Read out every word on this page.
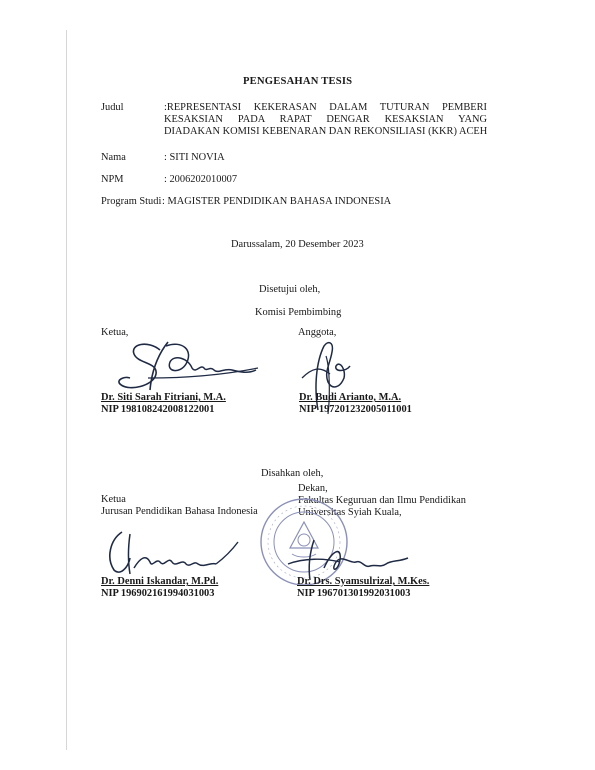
PENGESAHAN TESIS
Judul	:REPRESENTASI KEKERASAN DALAM TUTURAN PEMBERI
KESAKSIAN PADA RAPAT DENGAR KESAKSIAN YANG
DIADAKAN KOMISI KEBENARAN DAN REKONSILIASI (KKR) ACEH
Nama	: SITI NOVIA
NPM	: 2006202010007
Program Studi : MAGISTER PENDIDIKAN BAHASA INDONESIA
Darussalam, 20 Desember 2023
Disetujui oleh,
Komisi Pembimbing
Ketua,	Anggota,
Dr. Siti Sarah Fitriani, M.A.
NIP 198108242008122001
Dr. Budi Arianto, M.A.
NIP 197201232005011001
Disahkan oleh,
Ketua
Jurusan Pendidikan Bahasa Indonesia
Dekan,
Fakultas Keguruan dan Ilmu Pendidikan
Universitas Syiah Kuala,
Dr. Denni Iskandar, M.Pd.
NIP 196902161994031003
Dr. Drs. Syamsulrizal, M.Kes.
NIP 196701301992031003
